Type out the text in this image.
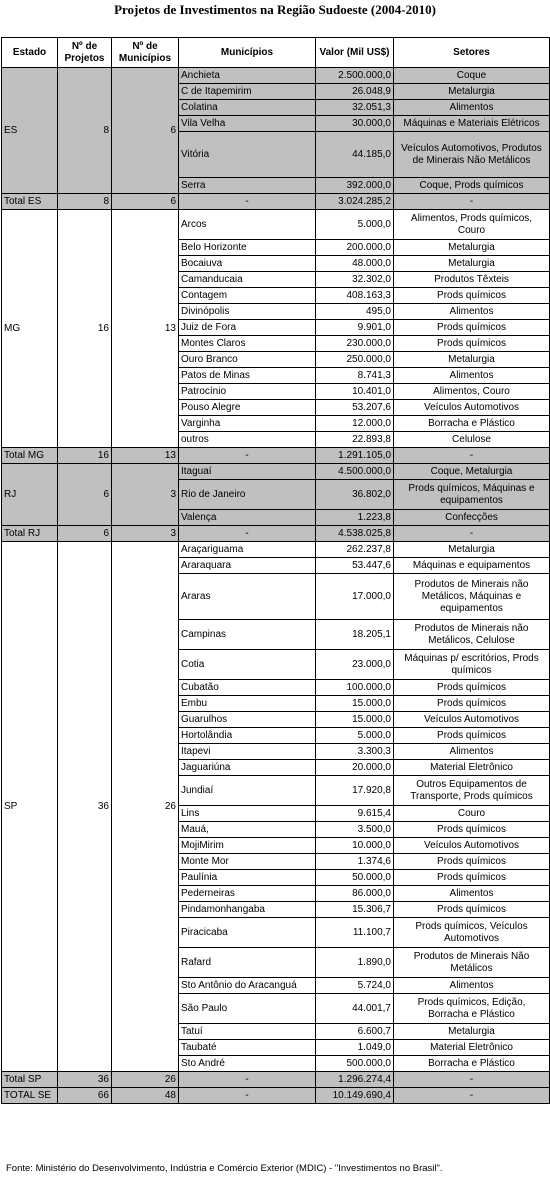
Projetos de Investimentos na Região Sudoeste (2004-2010)
Estado	Nº de Projetos	Nº de Municípios	Municípios	Valor (Mil US$)	Setores
ES	8	6	Anchieta	2.500.000,0	Coque
			C de Itapemirim	26.048,9	Metalurgia
			Colatina	32.051,3	Alimentos
			Vila Velha	30.000,0	Máquinas e Materiais Elétricos
			Vitória	44.185,0	Veículos Automotivos, Produtos de Minerais Não Metálicos
			Serra	392.000,0	Coque, Prods químicos
Total ES	8	6	-	3.024.285,2	-
MG	16	13	Arcos	5.000,0	Alimentos, Prods químicos, Couro
			Belo Horizonte	200.000,0	Metalurgia
			Bocaiuva	48.000,0	Metalurgia
			Camanducaia	32.302,0	Produtos Têxteis
			Contagem	408.163,3	Prods químicos
			Divinópolis	495,0	Alimentos
			Juiz de Fora	9.901,0	Prods químicos
			Montes Claros	230.000,0	Prods químicos
			Ouro Branco	250.000,0	Metalurgia
			Patos de Minas	8.741,3	Alimentos
			Patrocínio	10.401,0	Alimentos, Couro
			Pouso Alegre	53.207,6	Veículos Automotivos
			Varginha	12.000,0	Borracha e Plástico
			outros	22.893,8	Celulose
Total MG	16	13	-	1.291.105,0	-
RJ	6	3	Itaguaí	4.500.000,0	Coque, Metalurgia
			Rio de Janeiro	36.802,0	Prods químicos, Máquinas e equipamentos
			Valença	1.223,8	Confecções
Total RJ	6	3	-	4.538.025,8	-
SP	36	26	Araçariguama	262.237,8	Metalurgia
			Araraquara	53.447,6	Máquinas e equipamentos
			Araras	17.000,0	Produtos de Minerais não Metálicos, Máquinas e equipamentos
			Campinas	18.205,1	Produtos de Minerais não Metálicos, Celulose
			Cotia	23.000,0	Máquinas p/ escritórios, Prods químicos
			Cubatão	100.000,0	Prods químicos
			Embu	15.000,0	Prods químicos
			Guarulhos	15.000,0	Veículos Automotivos
			Hortolândia	5.000,0	Prods químicos
			Itapevi	3.300,3	Alimentos
			Jaguariúna	20.000,0	Material Eletrônico
			Jundiaí	17.920,8	Outros Equipamentos de Transporte, Prods químicos
			Lins	9.615,4	Couro
			Mauá,	3.500,0	Prods químicos
			MojiMirim	10.000,0	Veículos Automotivos
			Monte Mor	1.374,6	Prods químicos
			Paulínia	50.000,0	Prods químicos
			Pederneiras	86.000,0	Alimentos
			Pindamonhangaba	15.306,7	Prods químicos
			Piracicaba	11.100,7	Prods químicos, Veículos Automotivos
			Rafard	1.890,0	Produtos de Minerais Não Metálicos
			Sto Antônio do Aracanguá	5.724,0	Alimentos
			São Paulo	44.001,7	Prods químicos, Edição, Borracha e Plástico
			Tatuí	6.600,7	Metalurgia
			Taubaté	1.049,0	Material Eletrônico
			Sto André	500.000,0	Borracha e Plástico
Total SP	36	26	-	1.296.274,4	-
TOTAL SE	66	48	-	10.149.690,4	-
Fonte: Ministério do Desenvolvimento, Indústria e Comércio Exterior (MDIC) - "Investimentos no Brasil".
